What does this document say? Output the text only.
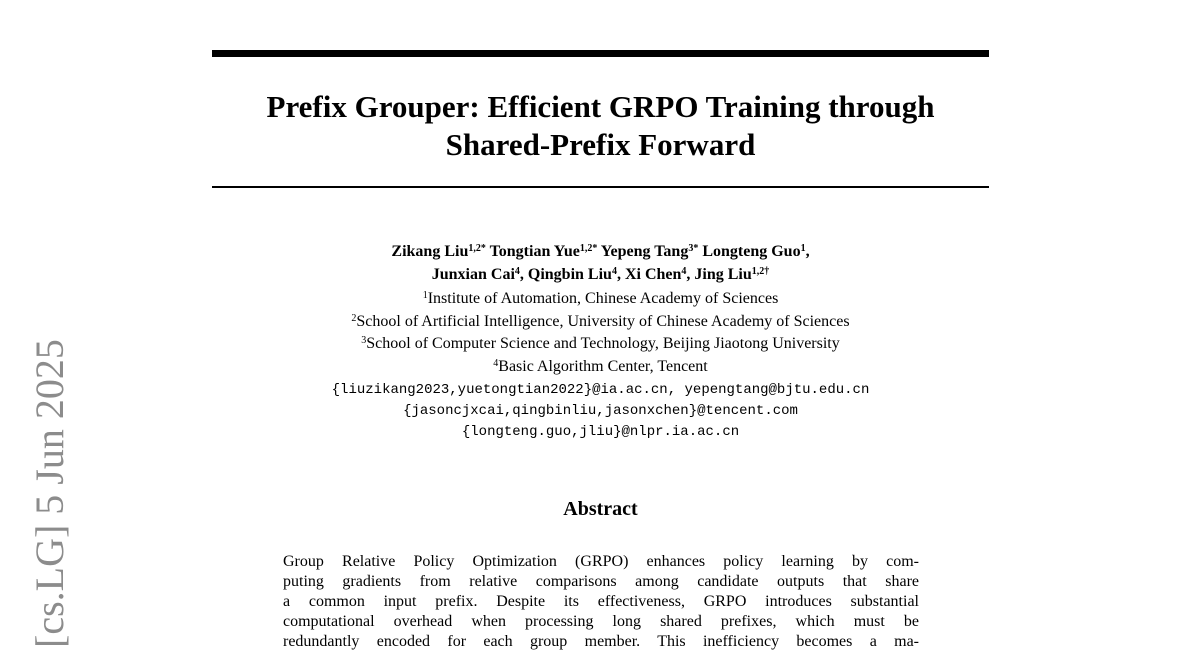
Prefix Grouper: Efficient GRPO Training through
Shared-Prefix Forward
Zikang Liu$^{1,2*}$ Tongtian Yue$^{1,2*}$ Yepeng Tang$^{3*}$ Longteng Guo$^1$,
Junxian Cai$^4$, Qingbin Liu$^4$, Xi Chen$^4$, Jing Liu$^{1,2\dagger}$
$^1$Institute of Automation, Chinese Academy of Sciences
$^2$School of Artificial Intelligence, University of Chinese Academy of Sciences
$^3$School of Computer Science and Technology, Beijing Jiaotong University
$^4$Basic Algorithm Center, Tencent
{liuzikang2023,yuetongtian2022}@ia.ac.cn, yepengtang@bjtu.edu.cn
{jasoncjxcai,qingbinliu,jasonxchen}@tencent.com
{longteng.guo,jliu}@nlpr.ia.ac.cn
Abstract
Group Relative Policy Optimization (GRPO) enhances policy learning by com-
puting gradients from relative comparisons among candidate outputs that share
a common input prefix. Despite its effectiveness, GRPO introduces substantial
computational overhead when processing long shared prefixes, which must be
redundantly encoded for each group member. This inefficiency becomes a ma-
[cs.LG] 5 Jun 2025
